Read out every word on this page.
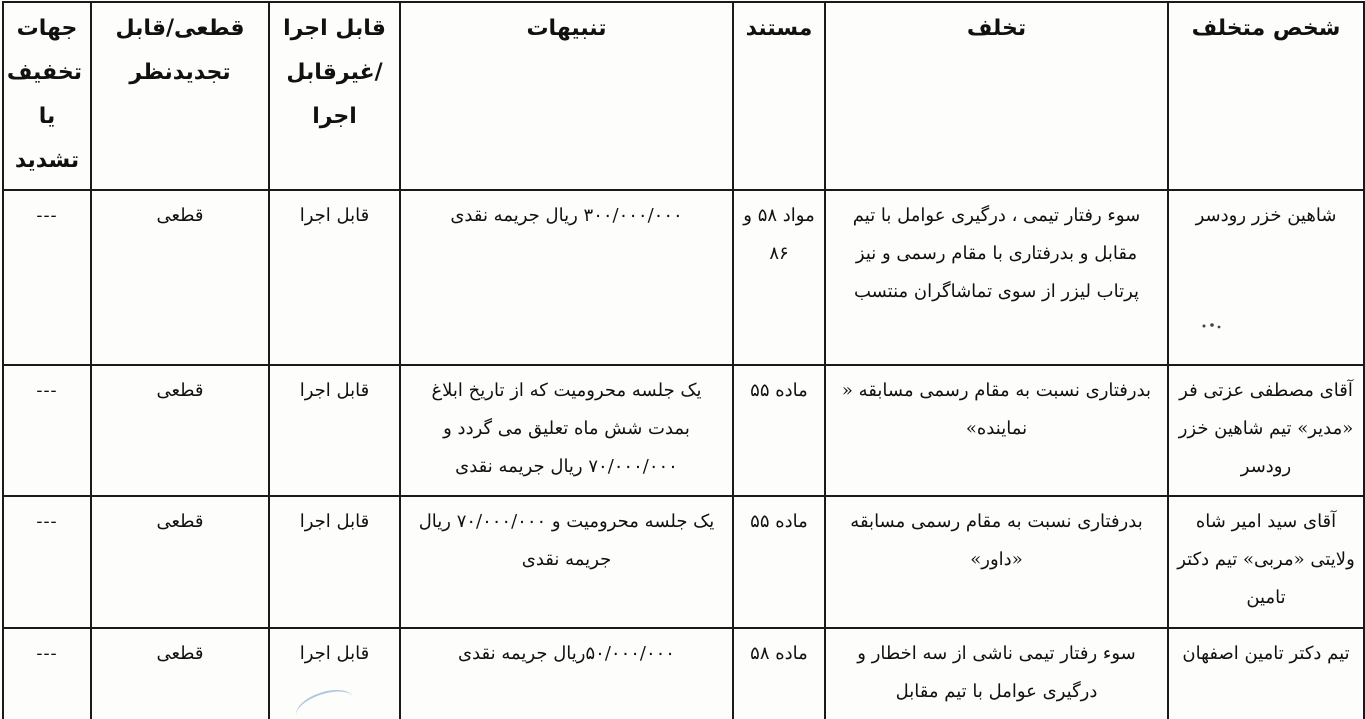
شخص متخلف	تخلف	مستند	تنبیهات	قابل اجرا /غیرقابل اجرا	قطعی/قابل تجدیدنظر	جهات تخفیف یا تشدید
شاهین خزر رودسر	سوء رفتار تیمی ، درگیری عوامل با تیم مقابل و بدرفتاری با مقام رسمی و نیز پرتاب لیزر از سوی تماشاگران منتسب	مواد ۵۸ و ۸۶	۳۰۰/۰۰۰/۰۰۰ ریال جریمه نقدی	قابل اجرا	قطعی	---
آقای مصطفی عزتی فر «مدیر» تیم شاهین خزر رودسر	بدرفتاری نسبت به مقام رسمی مسابقه « نماینده»	ماده ۵۵	یک جلسه محرومیت که از تاریخ ابلاغ بمدت شش ماه تعلیق می گردد و ۷۰/۰۰۰/۰۰۰ ریال جریمه نقدی	قابل اجرا	قطعی	---
آقای سید امیر شاه ولایتی «مربی» تیم دکتر تامین	بدرفتاری نسبت به مقام رسمی مسابقه «داور»	ماده ۵۵	یک جلسه محرومیت و ۷۰/۰۰۰/۰۰۰ ریال جریمه نقدی	قابل اجرا	قطعی	---
تیم دکتر تامین اصفهان	سوء رفتار تیمی ناشی از سه اخطار و درگیری عوامل با تیم مقابل	ماده ۵۸	۵۰/۰۰۰/۰۰۰ریال جریمه نقدی	قابل اجرا	قطعی	---
